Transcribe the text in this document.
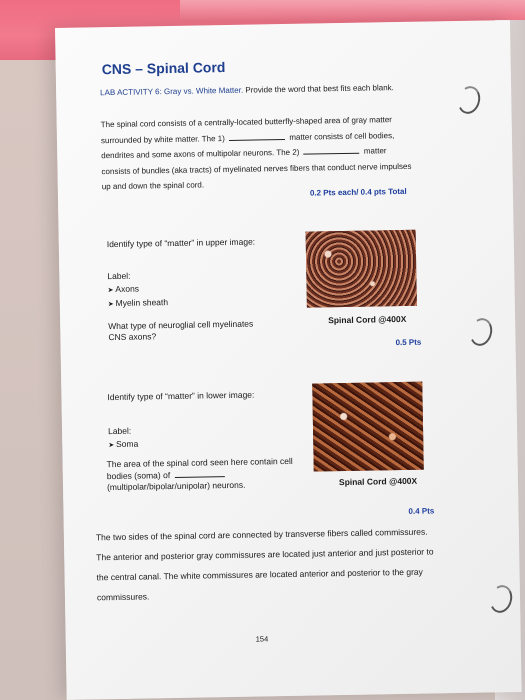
CNS – Spinal Cord
LAB ACTIVITY 6: Gray vs. White Matter. Provide the word that best fits each blank.
The spinal cord consists of a centrally-located butterfly-shaped area of gray matter surrounded by white matter. The 1)	matter consists of cell bodies, dendrites and some axons of multipolar neurons. The 2)	matter consists of bundles (aka tracts) of myelinated nerves fibers that conduct nerve impulses up and down the spinal cord.
0.2 Pts each/ 0.4 pts Total
Identify type of “matter” in upper image:
Label:
➤ Axons
➤ Myelin sheath
What type of neuroglial cell myelinates CNS axons?
Spinal Cord @400X
0.5 Pts
Identify type of “matter” in lower image:
Label:
➤ Soma
The area of the spinal cord seen here contain cell bodies (soma) of  (multipolar/bipolar/unipolar) neurons.	Spinal Cord @400X
0.4 Pts
The two sides of the spinal cord are connected by transverse fibers called commissures. The anterior and posterior gray commissures are located just anterior and just posterior to the central canal. The white commissures are located anterior and posterior to the gray commissures.
154
